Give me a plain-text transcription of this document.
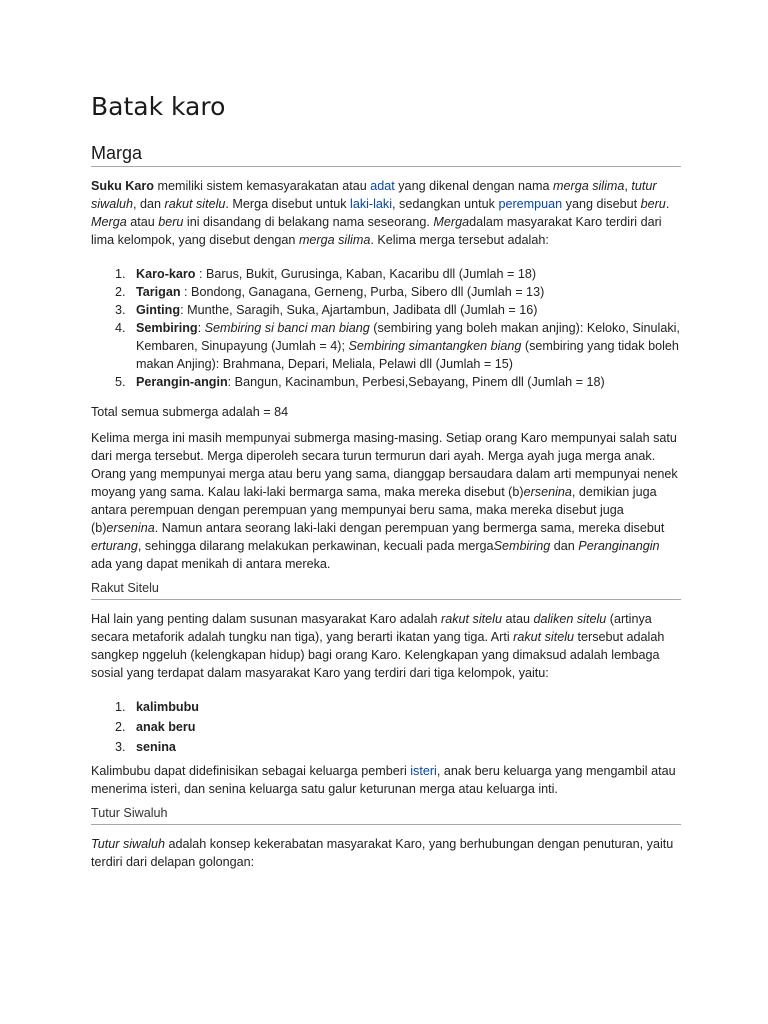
Batak karo
Marga

Suku Karo memiliki sistem kemasyarakatan atau adat yang dikenal dengan nama merga silima, tutur siwaluh, dan rakut sitelu. Merga disebut untuk laki-laki, sedangkan untuk perempuan yang disebut beru. Merga atau beru ini disandang di belakang nama seseorang. Mergadalam masyarakat Karo terdiri dari lima kelompok, yang disebut dengan merga silima. Kelima merga tersebut adalah:

1. Karo-karo : Barus, Bukit, Gurusinga, Kaban, Kacaribu dll (Jumlah = 18)
2. Tarigan : Bondong, Ganagana, Gerneng, Purba, Sibero dll (Jumlah = 13)
3. Ginting: Munthe, Saragih, Suka, Ajartambun, Jadibata dll (Jumlah = 16)
4. Sembiring: Sembiring si banci man biang (sembiring yang boleh makan anjing): Keloko, Sinulaki, Kembaren, Sinupayung (Jumlah = 4); Sembiring simantangken biang (sembiring yang tidak boleh makan Anjing): Brahmana, Depari, Meliala, Pelawi dll (Jumlah = 15)
5. Perangin-angin: Bangun, Kacinambun, Perbesi,Sebayang, Pinem dll (Jumlah = 18)

Total semua submerga adalah = 84

Kelima merga ini masih mempunyai submerga masing-masing. Setiap orang Karo mempunyai salah satu dari merga tersebut. Merga diperoleh secara turun termurun dari ayah. Merga ayah juga merga anak. Orang yang mempunyai merga atau beru yang sama, dianggap bersaudara dalam arti mempunyai nenek moyang yang sama. Kalau laki-laki bermarga sama, maka mereka disebut (b)ersenina, demikian juga antara perempuan dengan perempuan yang mempunyai beru sama, maka mereka disebut juga (b)ersenina. Namun antara seorang laki-laki dengan perempuan yang bermerga sama, mereka disebut erturang, sehingga dilarang melakukan perkawinan, kecuali pada mergaSembiring dan Peranginangin ada yang dapat menikah di antara mereka.

Rakut Sitelu

Hal lain yang penting dalam susunan masyarakat Karo adalah rakut sitelu atau daliken sitelu (artinya secara metaforik adalah tungku nan tiga), yang berarti ikatan yang tiga. Arti rakut sitelu tersebut adalah sangkep nggeluh (kelengkapan hidup) bagi orang Karo. Kelengkapan yang dimaksud adalah lembaga sosial yang terdapat dalam masyarakat Karo yang terdiri dari tiga kelompok, yaitu:

1. kalimbubu
2. anak beru
3. senina

Kalimbubu dapat didefinisikan sebagai keluarga pemberi isteri, anak beru keluarga yang mengambil atau menerima isteri, dan senina keluarga satu galur keturunan merga atau keluarga inti.

Tutur Siwaluh

Tutur siwaluh adalah konsep kekerabatan masyarakat Karo, yang berhubungan dengan penuturan, yaitu terdiri dari delapan golongan:
